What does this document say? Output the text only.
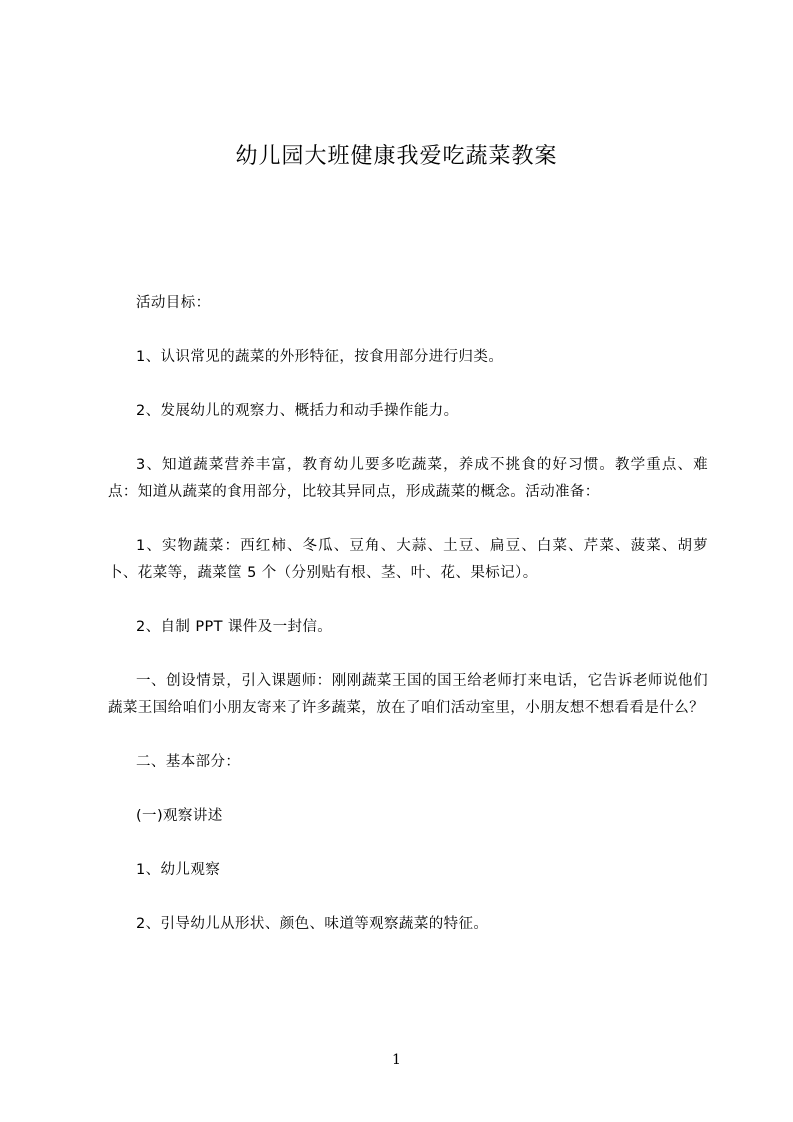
幼儿园大班健康我爱吃蔬菜教案

活动目标：

1、认识常见的蔬菜的外形特征，按食用部分进行归类。

2、发展幼儿的观察力、概括力和动手操作能力。

3、知道蔬菜营养丰富，教育幼儿要多吃蔬菜，养成不挑食的好习惯。教学重点、难点：知道从蔬菜的食用部分，比较其异同点，形成蔬菜的概念。活动准备：

1、实物蔬菜：西红柿、冬瓜、豆角、大蒜、土豆、扁豆、白菜、芹菜、菠菜、胡萝卜、花菜等，蔬菜筐 5 个（分别贴有根、茎、叶、花、果标记）。

2、自制 PPT 课件及一封信。

一、创设情景，引入课题师：刚刚蔬菜王国的国王给老师打来电话，它告诉老师说他们蔬菜王国给咱们小朋友寄来了许多蔬菜，放在了咱们活动室里，小朋友想不想看看是什么？

二、基本部分：

(一)观察讲述

1、幼儿观察

2、引导幼儿从形状、颜色、味道等观察蔬菜的特征。

1
